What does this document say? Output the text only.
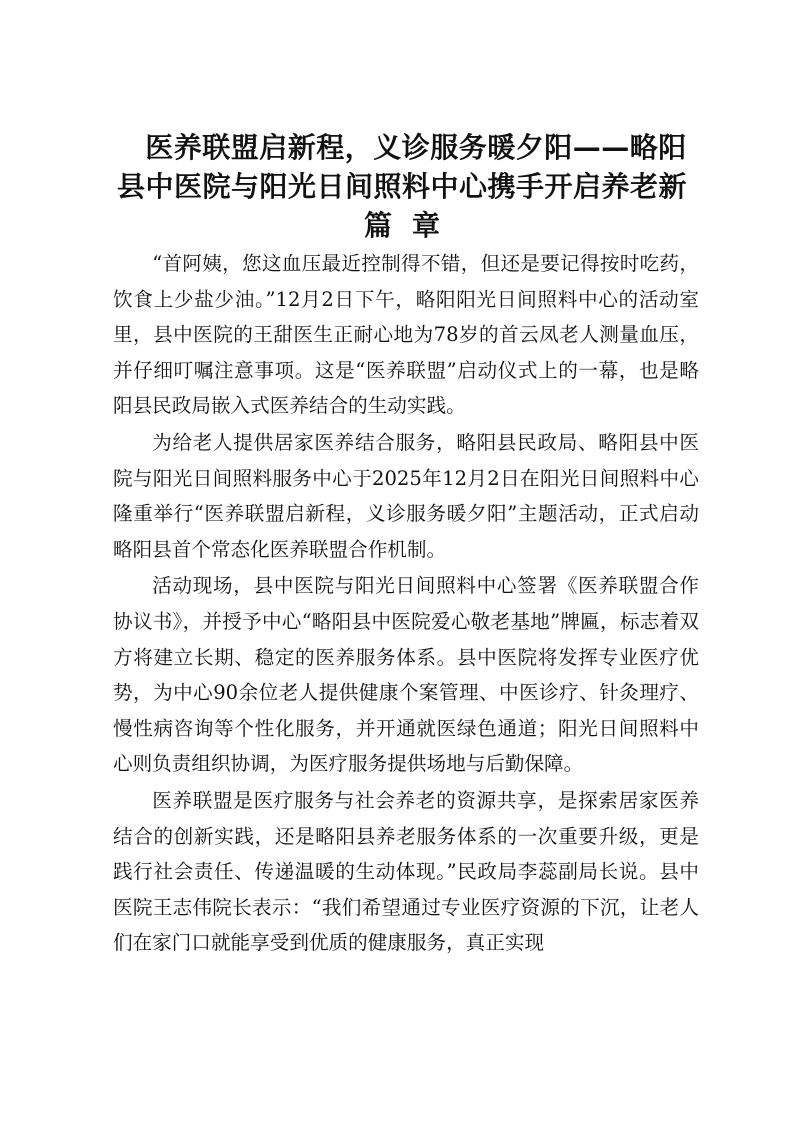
医养联盟启新程，义诊服务暖夕阳——略阳
县中医院与阳光日间照料中心携手开启养老新
篇章

“首阿姨，您这血压最近控制得不错，但还是要记得按时吃药，饮食上少盐少油。”12月2日下午，略阳阳光日间照料中心的活动室里，县中医院的王甜医生正耐心地为78岁的首云凤老人测量血压，并仔细叮嘱注意事项。这是“医养联盟”启动仪式上的一幕，也是略阳县民政局嵌入式医养结合的生动实践。

为给老人提供居家医养结合服务，略阳县民政局、略阳县中医院与阳光日间照料服务中心于2025年12月2日在阳光日间照料中心隆重举行“医养联盟启新程，义诊服务暖夕阳”主题活动，正式启动略阳县首个常态化医养联盟合作机制。

活动现场，县中医院与阳光日间照料中心签署《医养联盟合作协议书》，并授予中心“略阳县中医院爱心敬老基地”牌匾，标志着双方将建立长期、稳定的医养服务体系。县中医院将发挥专业医疗优势，为中心90余位老人提供健康个案管理、中医诊疗、针灸理疗、慢性病咨询等个性化服务，并开通就医绿色通道；阳光日间照料中心则负责组织协调，为医疗服务提供场地与后勤保障。

医养联盟是医疗服务与社会养老的资源共享，是探索居家医养结合的创新实践，还是略阳县养老服务体系的一次重要升级，更是践行社会责任、传递温暖的生动体现。”民政局李蕊副局长说。县中医院王志伟院长表示：“我们希望通过专业医疗资源的下沉，让老人们在家门口就能享受到优质的健康服务，真正实现
